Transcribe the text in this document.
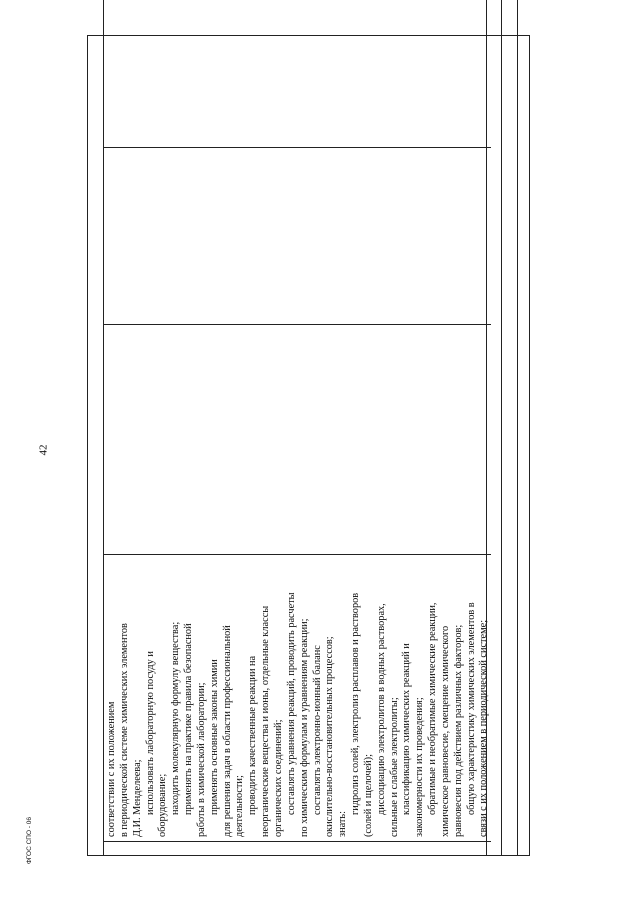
42
соответствии с их положением в периодической системе химических элементов Д.И. Менделеева; использовать лабораторную посуду и оборудование; находить молекулярную формулу вещества; применять на практике правила безопасной работы в химической лаборатории; применять основные законы химии для решения задач в области профессиональной деятельности; проводить качественные реакции на неорганические вещества и ионы, отдельные классы органических соединений; составлять уравнения реакций, проводить расчеты по химическим формулам и уравнениям реакции; составлять электронно-ионный баланс окислительно-восстановительных процессов; знать:
гидролиз солей, электролиз расплавов и растворов (солей и щелочей); диссоциацию электролитов в водных растворах, сильные и слабые электролиты; классификацию химических реакций и закономерности их проведения; обратимые и необратимые химические реакции, химическое равновесие, смещение химического равновесия под действием различных факторов; общую характеристику химических элементов в связи с их положением в периодической системе;
ФГОС СПО - 06
